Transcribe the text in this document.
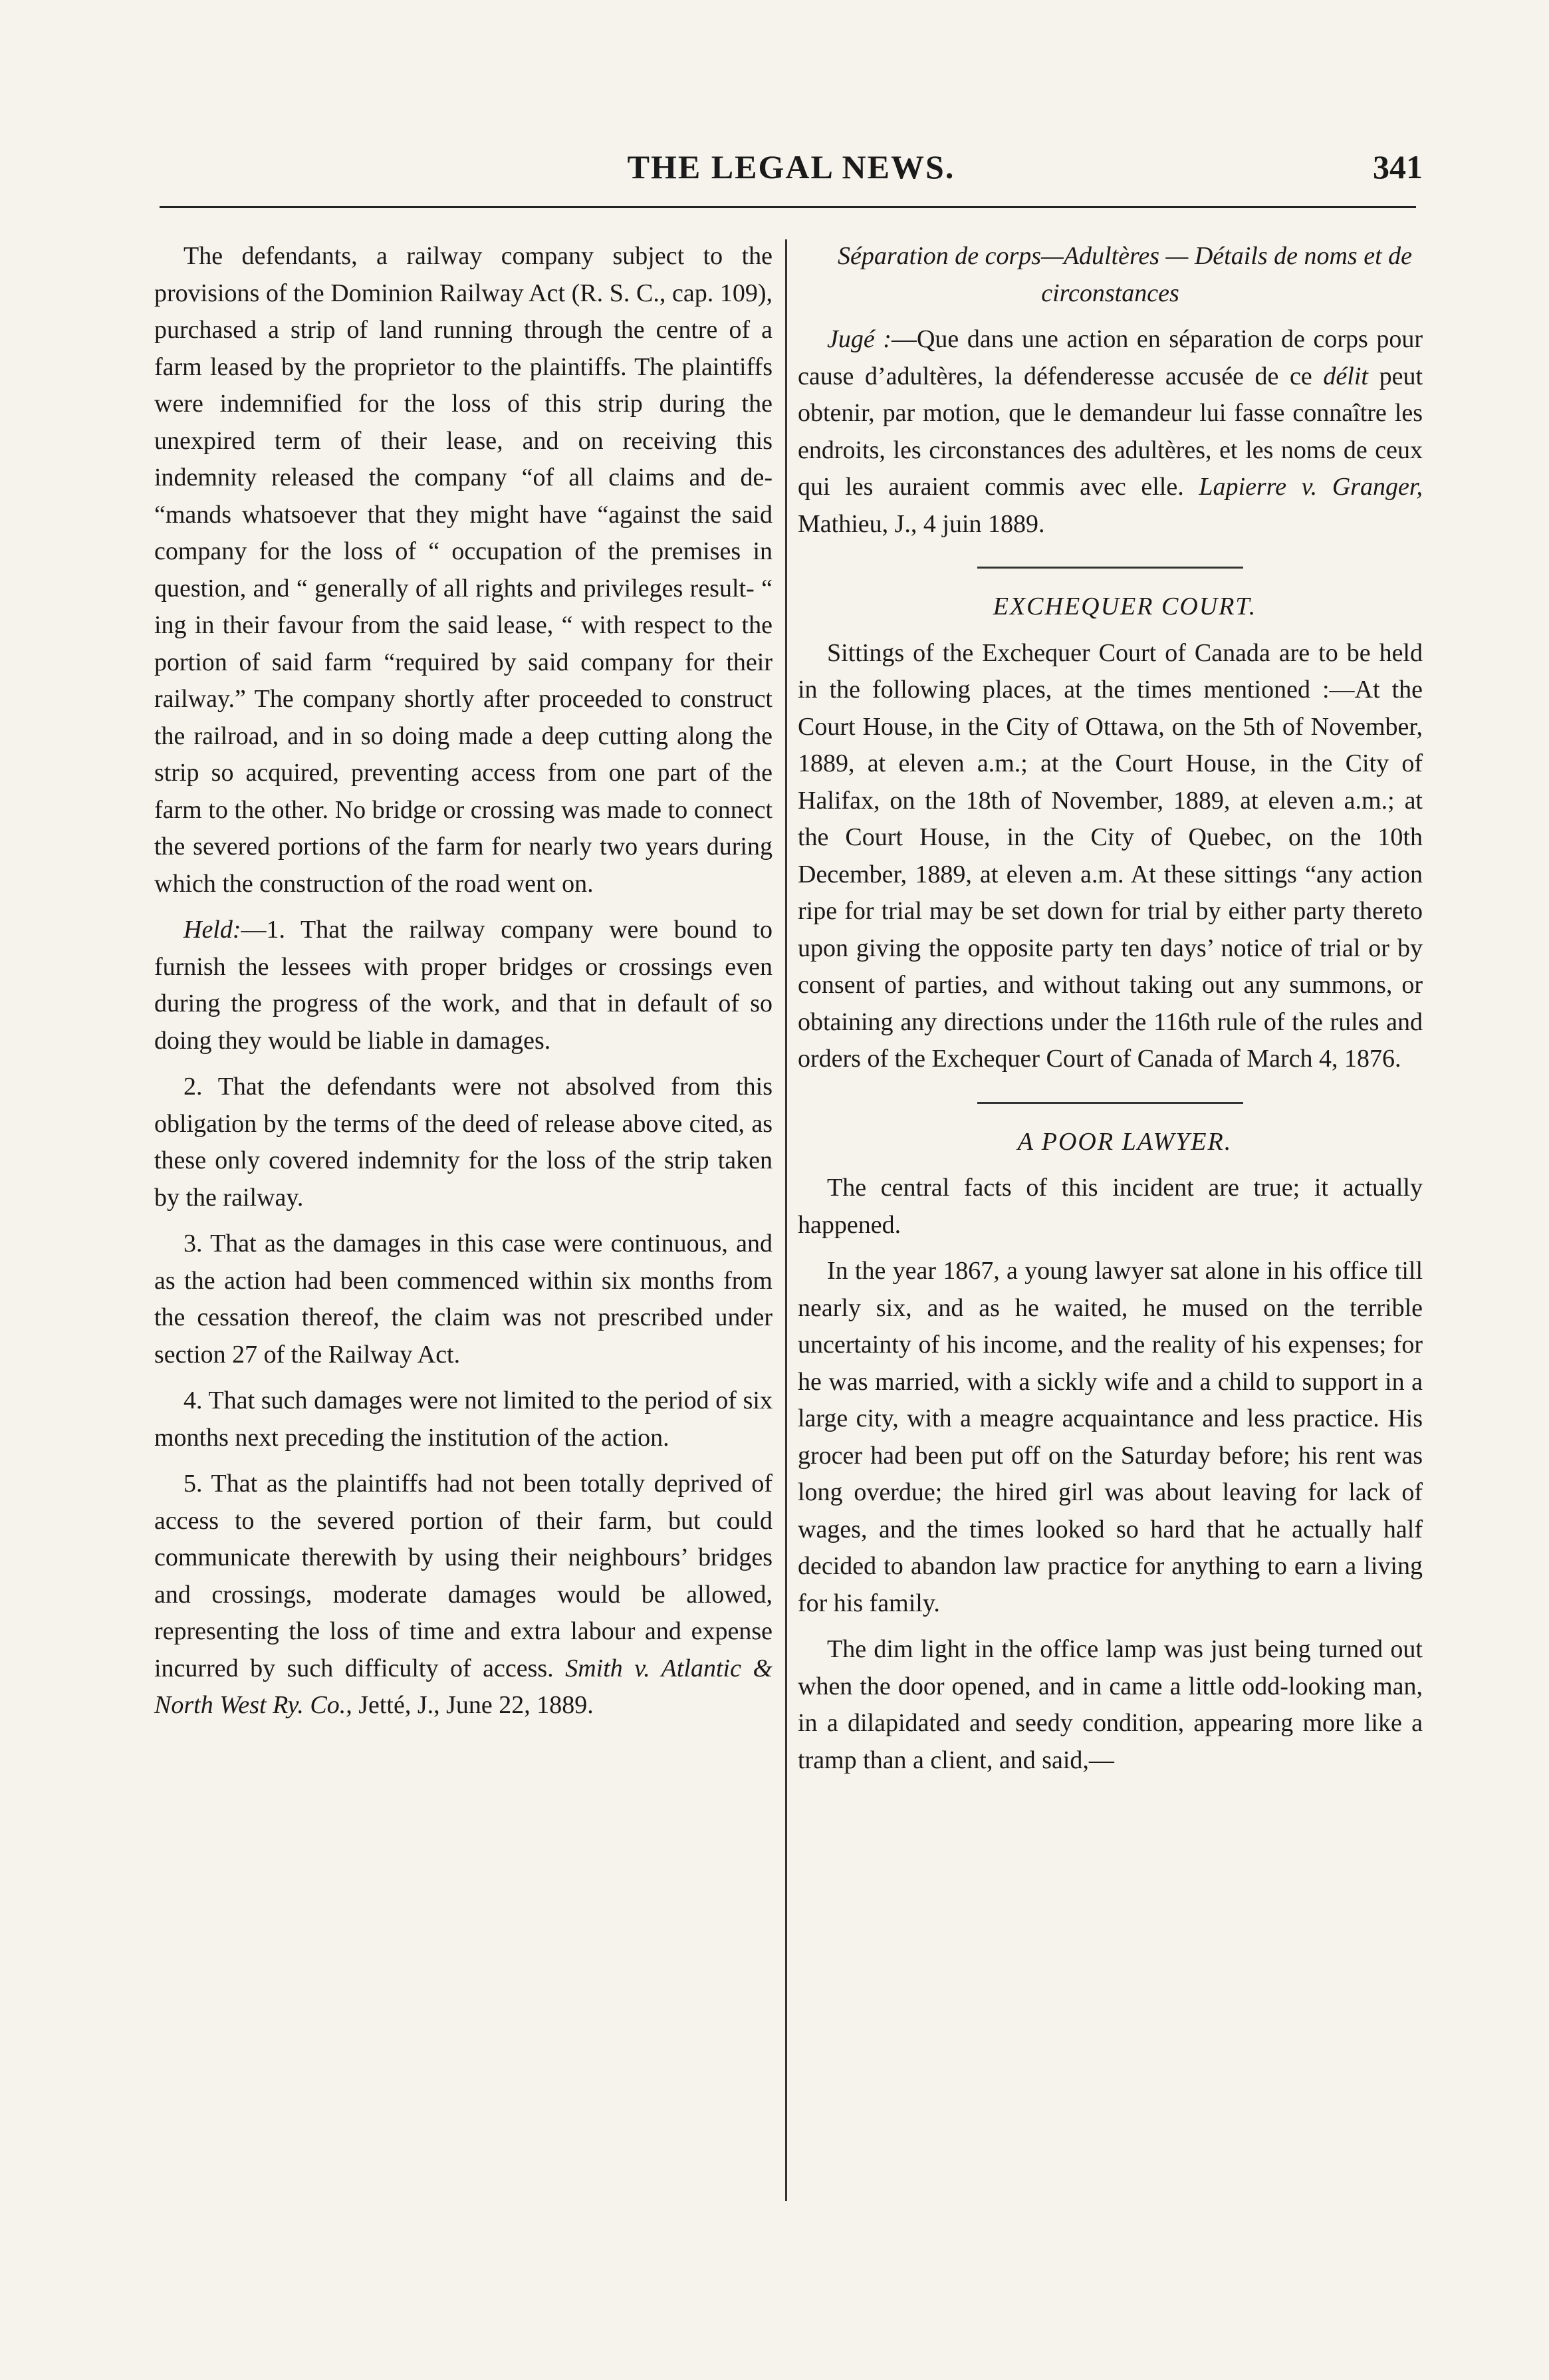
THE LEGAL NEWS.	341

The defendants, a railway company subject to the provisions of the Dominion Railway Act (R. S. C., cap. 109), purchased a strip of land running through the centre of a farm leased by the proprietor to the plaintiffs. The plaintiffs were indemnified for the loss of this strip during the unexpired term of their lease, and on receiving this indemnity released the company “of all claims and de- “mands whatsoever that they might have “against the said company for the loss of “ occupation of the premises in question, and “ generally of all rights and privileges result- “ ing in their favour from the said lease, “ with respect to the portion of said farm “required by said company for their railway.” The company shortly after proceeded to construct the railroad, and in so doing made a deep cutting along the strip so acquired, preventing access from one part of the farm to the other. No bridge or crossing was made to connect the severed portions of the farm for nearly two years during which the construction of the road went on.

Held:—1. That the railway company were bound to furnish the lessees with proper bridges or crossings even during the progress of the work, and that in default of so doing they would be liable in damages.

2. That the defendants were not absolved from this obligation by the terms of the deed of release above cited, as these only covered indemnity for the loss of the strip taken by the railway.

3. That as the damages in this case were continuous, and as the action had been commenced within six months from the cessation thereof, the claim was not prescribed under section 27 of the Railway Act.

4. That such damages were not limited to the period of six months next preceding the institution of the action.

5. That as the plaintiffs had not been totally deprived of access to the severed portion of their farm, but could communicate therewith by using their neighbours’ bridges and crossings, moderate damages would be allowed, representing the loss of time and extra labour and expense incurred by such difficulty of access. Smith v. Atlantic & North West Ry. Co., Jetté, J., June 22, 1889.

Séparation de corps—Adultères — Détails de noms et de circonstances

Jugé :—Que dans une action en séparation de corps pour cause d’adultères, la défenderesse accusée de ce délit peut obtenir, par motion, que le demandeur lui fasse connaître les endroits, les circonstances des adultères, et les noms de ceux qui les auraient commis avec elle. Lapierre v. Granger, Mathieu, J., 4 juin 1889.

EXCHEQUER COURT.

Sittings of the Exchequer Court of Canada are to be held in the following places, at the times mentioned :—At the Court House, in the City of Ottawa, on the 5th of November, 1889, at eleven a.m.; at the Court House, in the City of Halifax, on the 18th of November, 1889, at eleven a.m.; at the Court House, in the City of Quebec, on the 10th December, 1889, at eleven a.m. At these sittings “any action ripe for trial may be set down for trial by either party thereto upon giving the opposite party ten days’ notice of trial or by consent of parties, and without taking out any summons, or obtaining any directions under the 116th rule of the rules and orders of the Exchequer Court of Canada of March 4, 1876.

A POOR LAWYER.

The central facts of this incident are true; it actually happened.

In the year 1867, a young lawyer sat alone in his office till nearly six, and as he waited, he mused on the terrible uncertainty of his income, and the reality of his expenses; for he was married, with a sickly wife and a child to support in a large city, with a meagre acquaintance and less practice. His grocer had been put off on the Saturday before; his rent was long overdue; the hired girl was about leaving for lack of wages, and the times looked so hard that he actually half decided to abandon law practice for anything to earn a living for his family.

The dim light in the office lamp was just being turned out when the door opened, and in came a little odd-looking man, in a dilapidated and seedy condition, appearing more like a tramp than a client, and said,—
